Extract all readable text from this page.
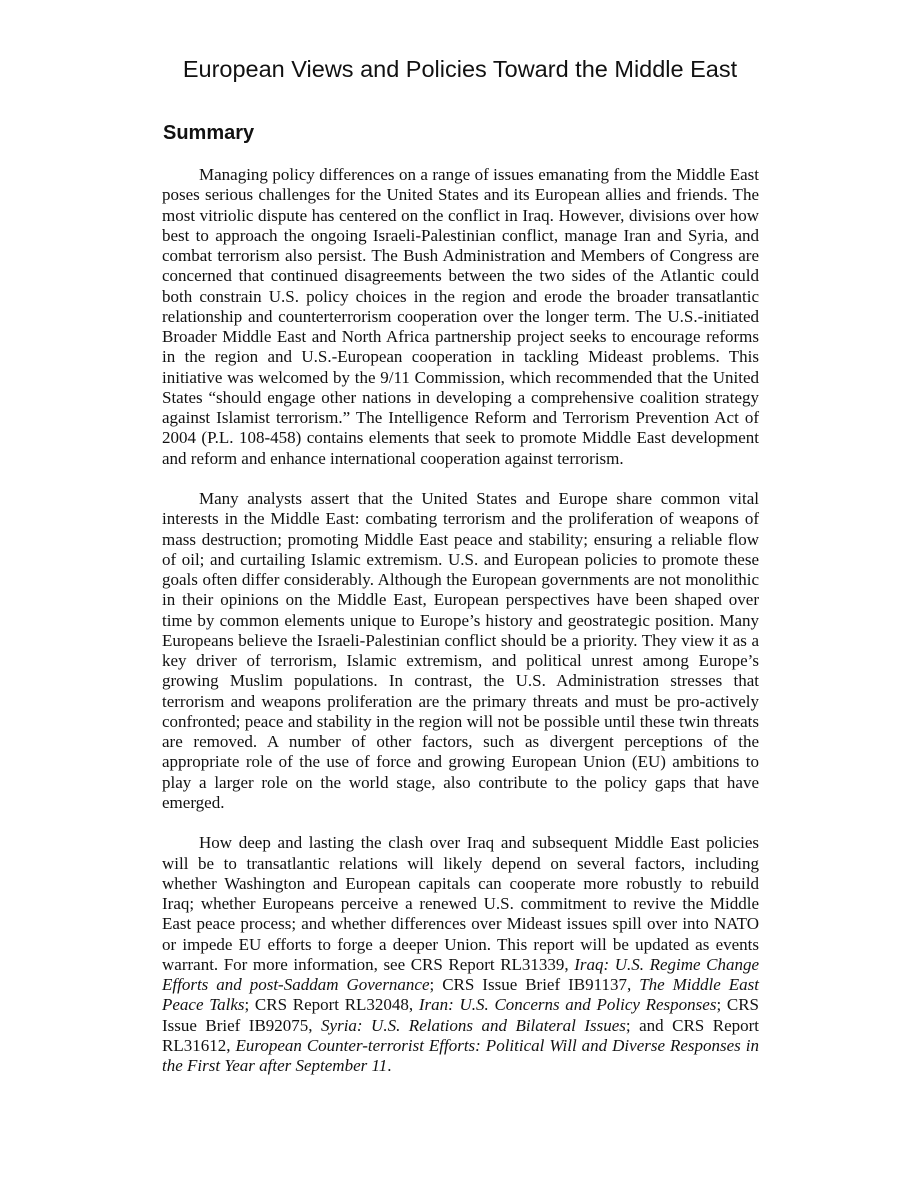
European Views and Policies Toward the Middle East
Summary

Managing policy differences on a range of issues emanating from the Middle East poses serious challenges for the United States and its European allies and friends. The most vitriolic dispute has centered on the conflict in Iraq. However, divisions over how best to approach the ongoing Israeli-Palestinian conflict, manage Iran and Syria, and combat terrorism also persist. The Bush Administration and Members of Congress are concerned that continued disagreements between the two sides of the Atlantic could both constrain U.S. policy choices in the region and erode the broader transatlantic relationship and counterterrorism cooperation over the longer term. The U.S.-initiated Broader Middle East and North Africa partnership project seeks to encourage reforms in the region and U.S.-European cooperation in tackling Mideast problems. This initiative was welcomed by the 9/11 Commission, which recommended that the United States “should engage other nations in developing a comprehensive coalition strategy against Islamist terrorism.” The Intelligence Reform and Terrorism Prevention Act of 2004 (P.L. 108-458) contains elements that seek to promote Middle East development and reform and enhance international cooperation against terrorism.

Many analysts assert that the United States and Europe share common vital interests in the Middle East: combating terrorism and the proliferation of weapons of mass destruction; promoting Middle East peace and stability; ensuring a reliable flow of oil; and curtailing Islamic extremism. U.S. and European policies to promote these goals often differ considerably. Although the European governments are not monolithic in their opinions on the Middle East, European perspectives have been shaped over time by common elements unique to Europe’s history and geostrategic position. Many Europeans believe the Israeli-Palestinian conflict should be a priority. They view it as a key driver of terrorism, Islamic extremism, and political unrest among Europe’s growing Muslim populations. In contrast, the U.S. Administration stresses that terrorism and weapons proliferation are the primary threats and must be pro-actively confronted; peace and stability in the region will not be possible until these twin threats are removed. A number of other factors, such as divergent perceptions of the appropriate role of the use of force and growing European Union (EU) ambitions to play a larger role on the world stage, also contribute to the policy gaps that have emerged.

How deep and lasting the clash over Iraq and subsequent Middle East policies will be to transatlantic relations will likely depend on several factors, including whether Washington and European capitals can cooperate more robustly to rebuild Iraq; whether Europeans perceive a renewed U.S. commitment to revive the Middle East peace process; and whether differences over Mideast issues spill over into NATO or impede EU efforts to forge a deeper Union. This report will be updated as events warrant. For more information, see CRS Report RL31339, Iraq: U.S. Regime Change Efforts and post-Saddam Governance; CRS Issue Brief IB91137, The Middle East Peace Talks; CRS Report RL32048, Iran: U.S. Concerns and Policy Responses; CRS Issue Brief IB92075, Syria: U.S. Relations and Bilateral Issues; and CRS Report RL31612, European Counter-terrorist Efforts: Political Will and Diverse Responses in the First Year after September 11.
